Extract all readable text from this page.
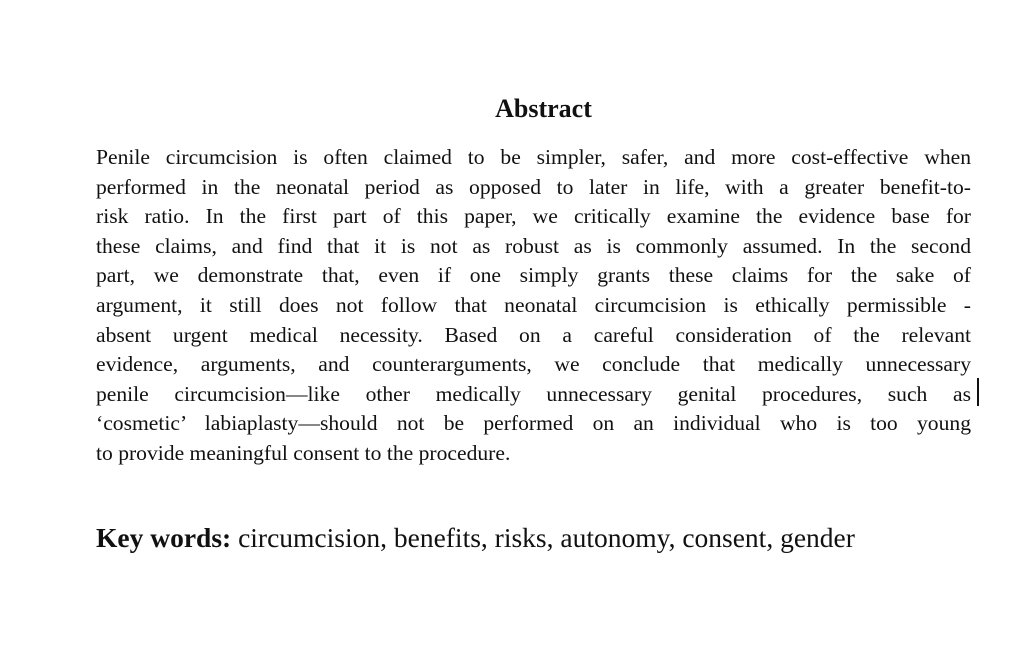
Abstract
Penile circumcision is often claimed to be simpler, safer, and more cost-effective when
performed in the neonatal period as opposed to later in life, with a greater benefit-to-
risk ratio. In the first part of this paper, we critically examine the evidence base for
these claims, and find that it is not as robust as is commonly assumed. In the second
part, we demonstrate that, even if one simply grants these claims for the sake of
argument, it still does not follow that neonatal circumcision is ethically permissible -
absent urgent medical necessity. Based on a careful consideration of the relevant
evidence, arguments, and counterarguments, we conclude that medically unnecessary
penile circumcision—like other medically unnecessary genital procedures, such as
‘cosmetic’ labiaplasty—should not be performed on an individual who is too young
to provide meaningful consent to the procedure.

Key words: circumcision, benefits, risks, autonomy, consent, gender
